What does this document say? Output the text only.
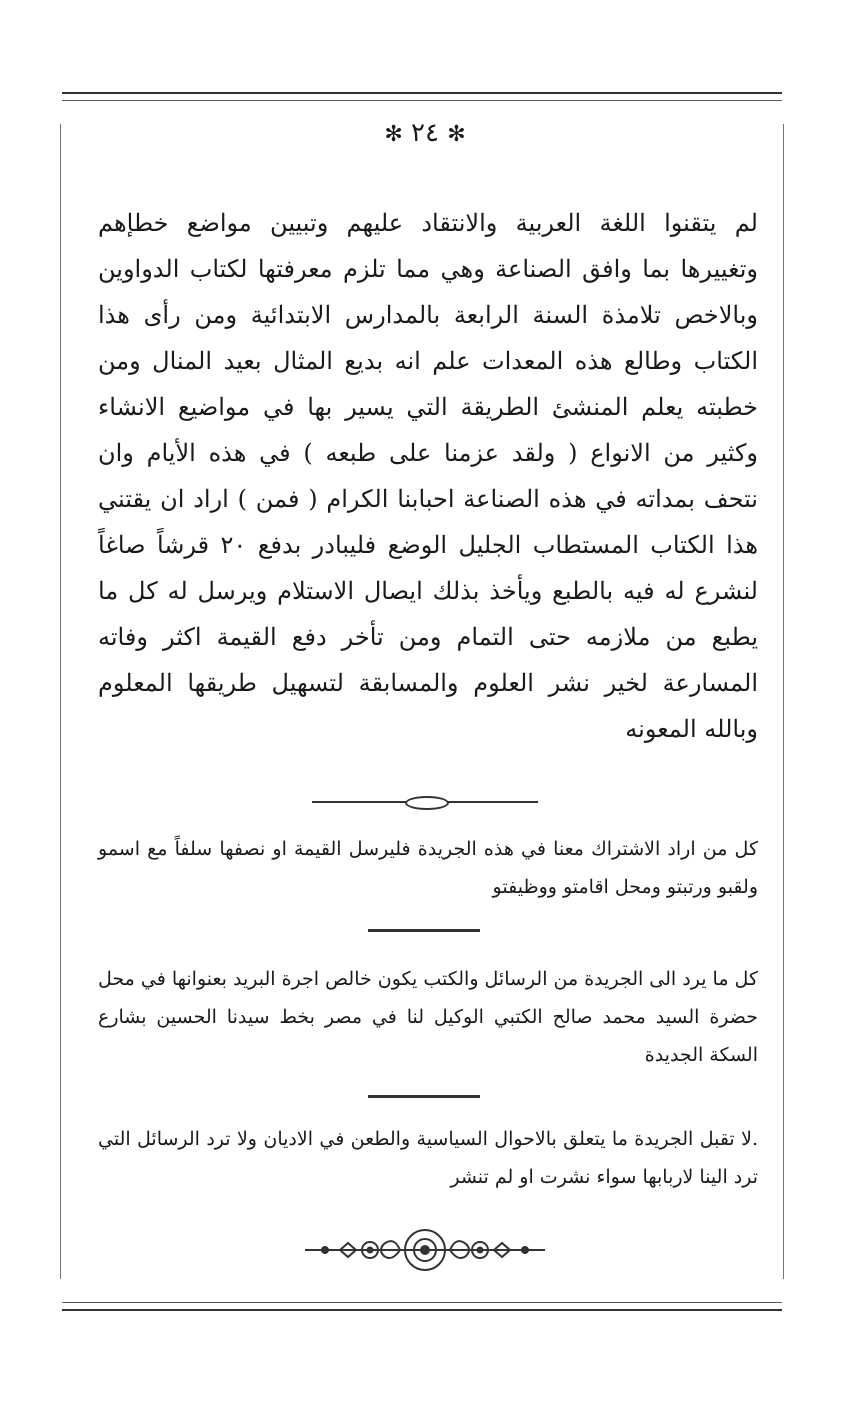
✻ ٢٤ ✻
لم يتقنوا اللغة العربية والانتقاد عليهم وتبيين مواضع خطإهم وتغييرها بما وافق الصناعة وهي مما تلزم معرفتها لكتاب الدواوين وبالاخص تلامذة السنة الرابعة بالمدارس الابتدائية ومن رأى هذا الكتاب وطالع هذه المعدات علم انه بديع المثال بعيد المنال ومن خطبته يعلم المنشئ الطريقة التي يسير بها في مواضيع الانشاء وكثير من الانواع ( ولقد عزمنا على طبعه ) في هذه الأيام وان نتحف بمداته في هذه الصناعة احبابنا الكرام ( فمن ) اراد ان يقتني هذا الكتاب المستطاب الجليل الوضع فليبادر بدفع ٢٠ قرشاً صاغاً لنشرع له فيه بالطبع ويأخذ بذلك ايصال الاستلام ويرسل له كل ما يطبع من ملازمه حتى التمام ومن تأخر دفع القيمة اكثر وفاته المسارعة لخير نشر العلوم والمسابقة لتسهيل طريقها المعلوم وبالله المعونه
كل من اراد الاشتراك معنا في هذه الجريدة فليرسل القيمة او نصفها سلفاً مع اسمو ولقبو ورتبتو ومحل اقامتو ووظيفتو
كل ما يرد الى الجريدة من الرسائل والكتب يكون خالص اجرة البريد بعنوانها في محل حضرة السيد محمد صالح الكتبي الوكيل لنا في مصر بخط سيدنا الحسين بشارع السكة الجديدة
.لا تقبل الجريدة ما يتعلق بالاحوال السياسية والطعن في الاديان ولا ترد الرسائل التي ترد الينا لاربابها سواء نشرت او لم تنشر
